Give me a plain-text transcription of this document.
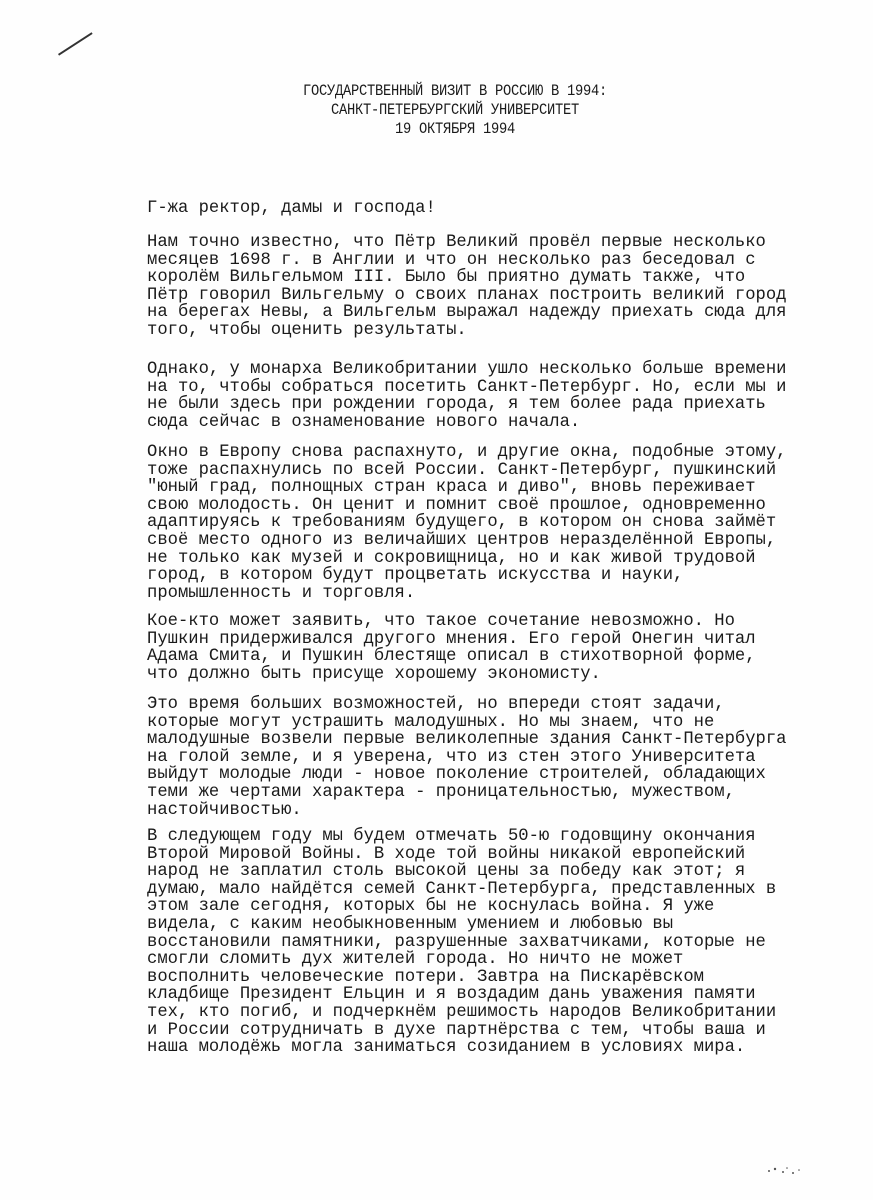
ГОСУДАРСТВЕННЫЙ ВИЗИТ В РОССИЮ В 1994:
САНКТ-ПЕТЕРБУРГСКИЙ УНИВЕРСИТЕТ
19 ОКТЯБРЯ 1994
Г-жа ректор, дамы и господа!
Нам точно известно, что Пётр Великий провёл первые несколько
месяцев 1698 г. в Англии и что он несколько раз беседовал с
королём Вильгельмом III. Было бы приятно думать также, что
Пётр говорил Вильгельму о своих планах построить великий город
на берегах Невы, а Вильгельм выражал надежду приехать сюда для
того, чтобы оценить результаты.
Однако, у монарха Великобритании ушло несколько больше времени
на то, чтобы собраться посетить Санкт-Петербург. Но, если мы и
не были здесь при рождении города, я тем более рада приехать
сюда сейчас в ознаменование нового начала.
Окно в Европу снова распахнуто, и другие окна, подобные этому,
тоже распахнулись по всей России. Санкт-Петербург, пушкинский
"юный град, полнощных стран краса и диво", вновь переживает
свою молодость. Он ценит и помнит своё прошлое, одновременно
адаптируясь к требованиям будущего, в котором он снова займёт
своё место одного из величайших центров неразделённой Европы,
не только как музей и сокровищница, но и как живой трудовой
город, в котором будут процветать искусства и науки,
промышленность и торговля.
Кое-кто может заявить, что такое сочетание невозможно. Но
Пушкин придерживался другого мнения. Его герой Онегин читал
Адама Смита, и Пушкин блестяще описал в стихотворной форме,
что должно быть присуще хорошему экономисту.
Это время больших возможностей, но впереди стоят задачи,
которые могут устрашить малодушных. Но мы знаем, что не
малодушные возвели первые великолепные здания Санкт-Петербурга
на голой земле, и я уверена, что из стен этого Университета
выйдут молодые люди - новое поколение строителей, обладающих
теми же чертами характера - проницательностью, мужеством,
настойчивостью.
В следующем году мы будем отмечать 50-ю годовщину окончания
Второй Мировой Войны. В ходе той войны никакой европейский
народ не заплатил столь высокой цены за победу как этот; я
думаю, мало найдётся семей Санкт-Петербурга, представленных в
этом зале сегодня, которых бы не коснулась война. Я уже
видела, с каким необыкновенным умением и любовью вы
восстановили памятники, разрушенные захватчиками, которые не
смогли сломить дух жителей города. Но ничто не может
восполнить человеческие потери. Завтра на Пискарёвском
кладбище Президент Ельцин и я воздадим дань уважения памяти
тех, кто погиб, и подчеркнём решимость народов Великобритании
и России сотрудничать в духе партнёрства с тем, чтобы ваша и
наша молодёжь могла заниматься созиданием в условиях мира.
